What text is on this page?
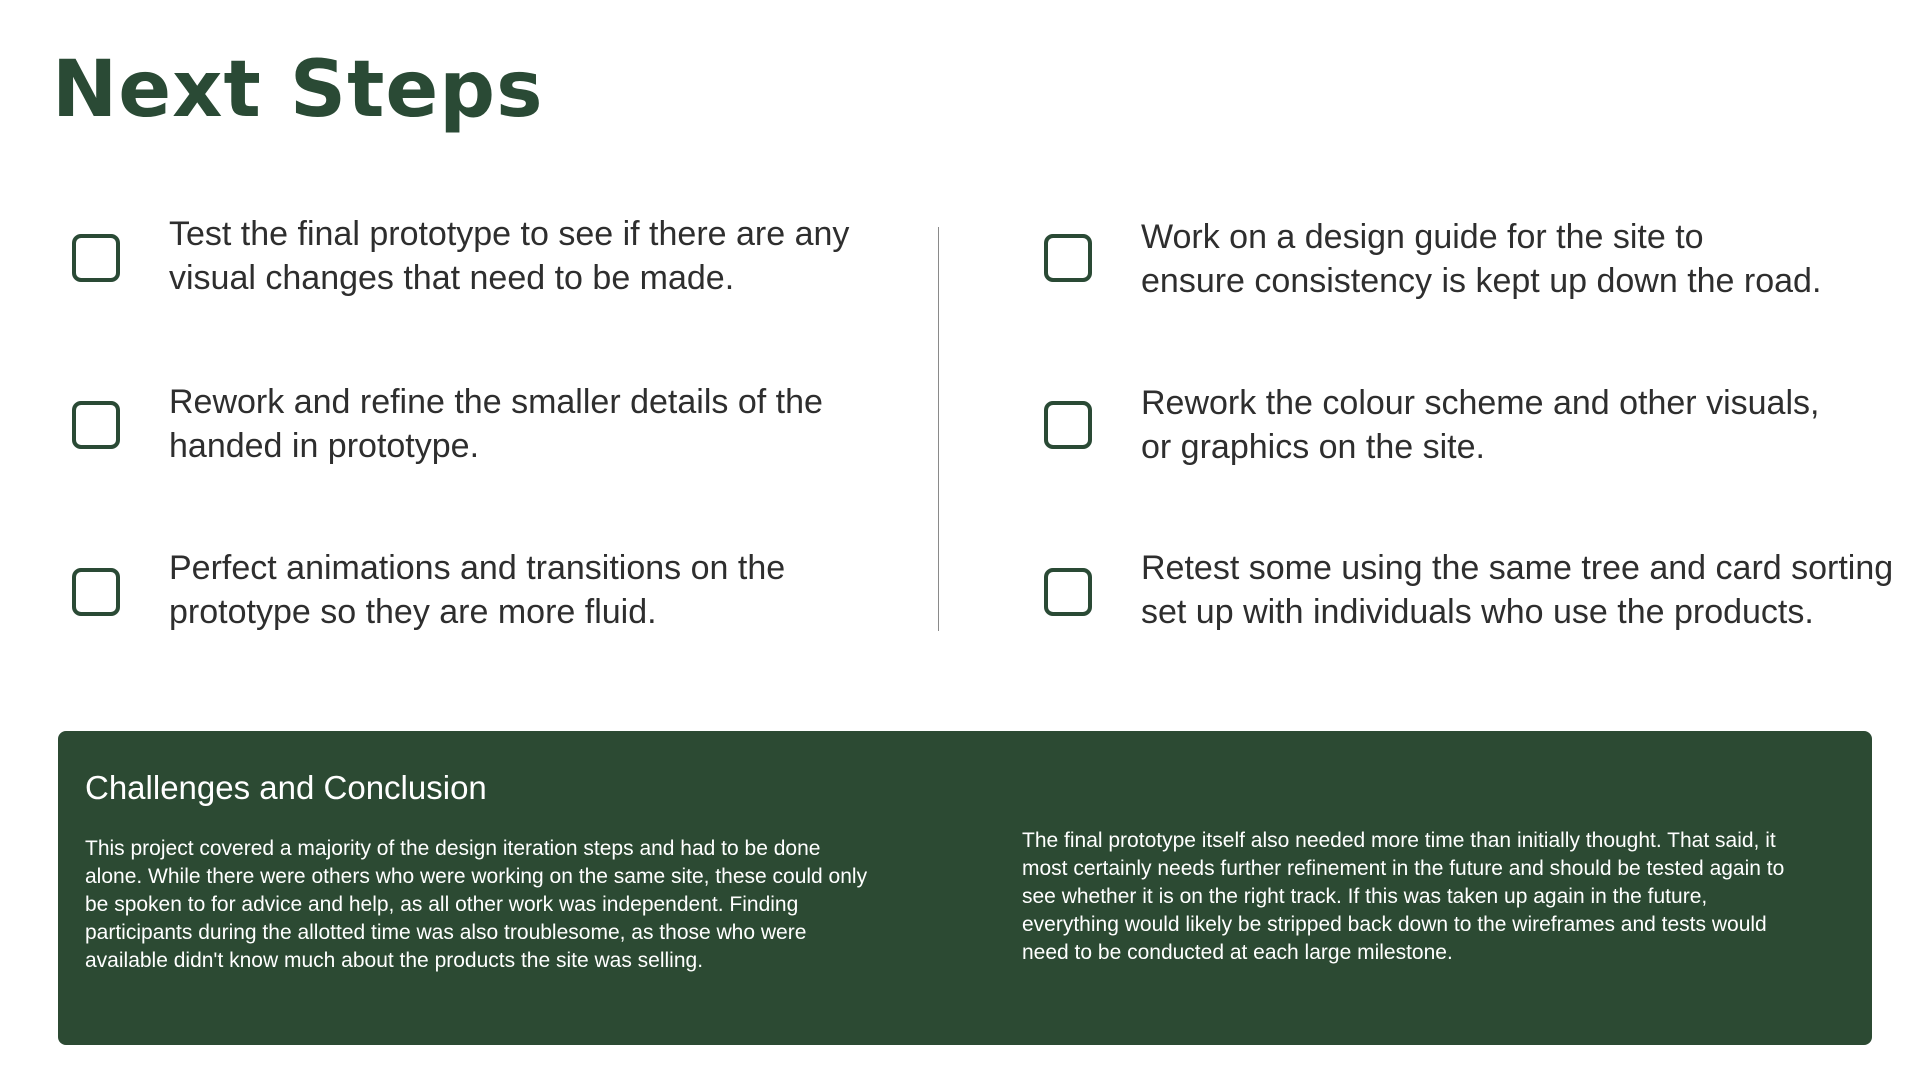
Next Steps
Test the final prototype to see if there are any
visual changes that need to be made.
Rework and refine the smaller details of the
handed in prototype.
Perfect animations and transitions on the
prototype so they are more fluid.
Work on a design guide for the site to
ensure consistency is kept up down the road.
Rework the colour scheme and other visuals,
or graphics on the site.
Retest some using the same tree and card sorting
set up with individuals who use the products.
Challenges and Conclusion

This project covered a majority of the design iteration steps and had to be done
alone. While there were others who were working on the same site, these could only
be spoken to for advice and help, as all other work was independent. Finding
participants during the allotted time was also troublesome, as those who were
available didn't know much about the products the site was selling.

The final prototype itself also needed more time than initially thought. That said, it
most certainly needs further refinement in the future and should be tested again to
see whether it is on the right track. If this was taken up again in the future,
everything would likely be stripped back down to the wireframes and tests would
need to be conducted at each large milestone.
